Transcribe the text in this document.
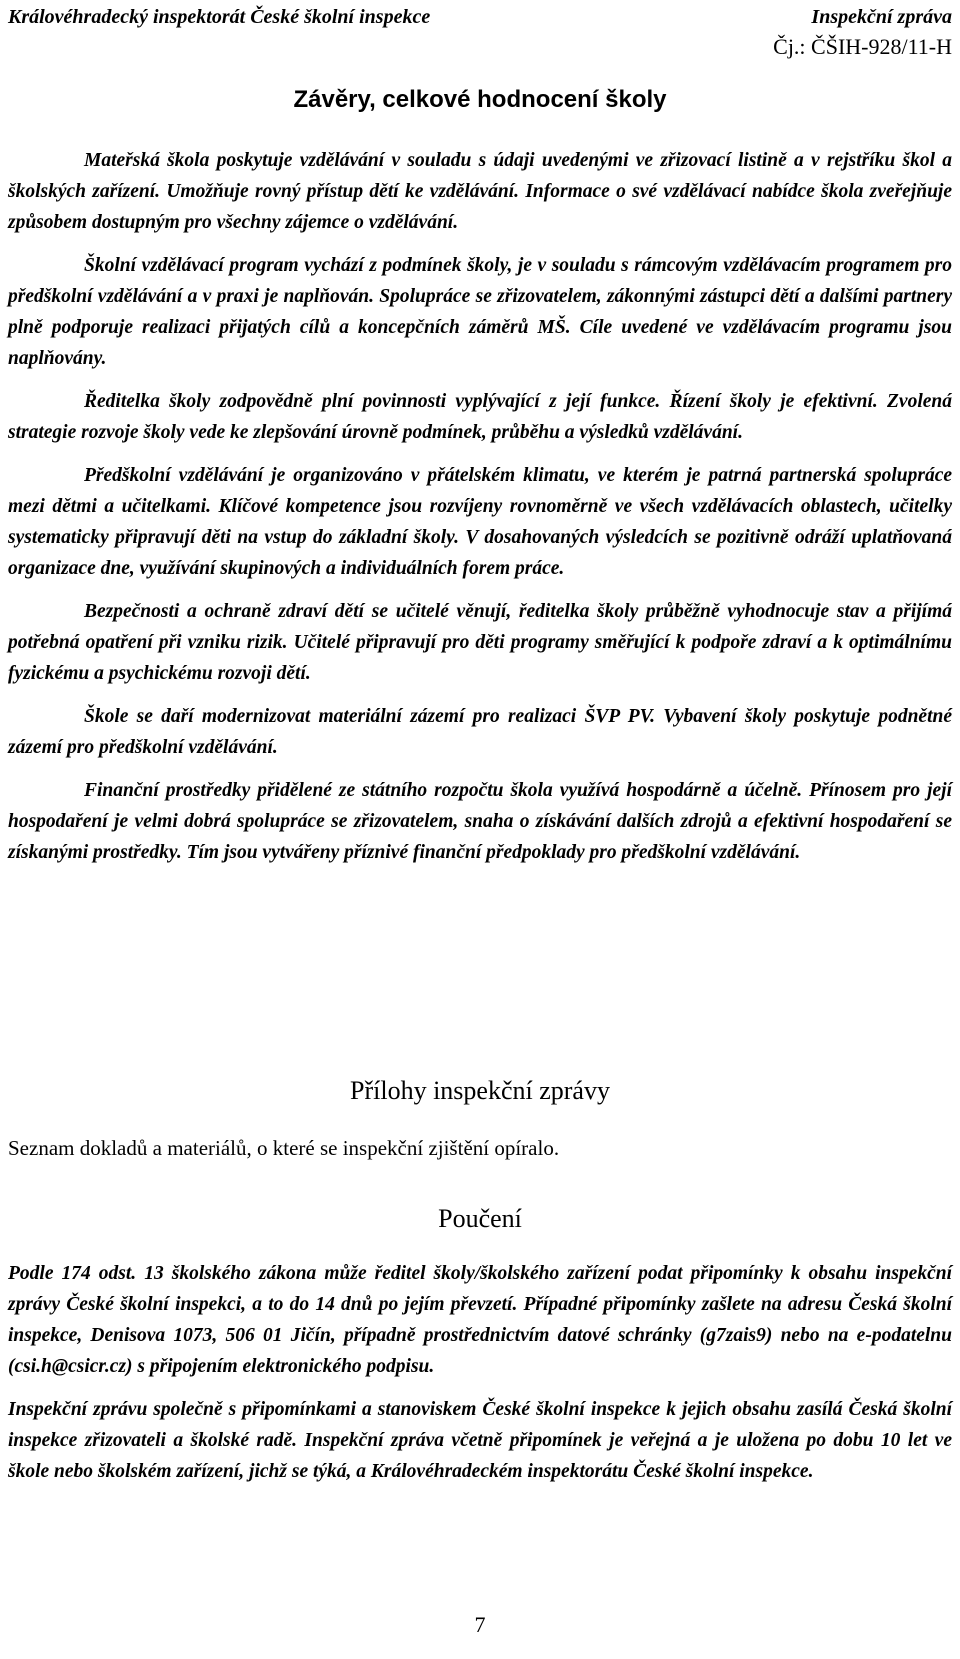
Královéhradecký inspektorát České školní inspekce	Inspekční zpráva
Čj.: ČŠIH-928/11-H
Závěry, celkové hodnocení školy

Mateřská škola poskytuje vzdělávání v souladu s údaji uvedenými ve zřizovací listině a v rejstříku škol a školských zařízení. Umožňuje rovný přístup dětí ke vzdělávání. Informace o své vzdělávací nabídce škola zveřejňuje způsobem dostupným pro všechny zájemce o vzdělávání.

Školní vzdělávací program vychází z podmínek školy, je v souladu s rámcovým vzdělávacím programem pro předškolní vzdělávání a v praxi je naplňován. Spolupráce se zřizovatelem, zákonnými zástupci dětí a dalšími partnery plně podporuje realizaci přijatých cílů a koncepčních záměrů MŠ. Cíle uvedené ve vzdělávacím programu jsou naplňovány.

Ředitelka školy zodpovědně plní povinnosti vyplývající z její funkce. Řízení školy je efektivní. Zvolená strategie rozvoje školy vede ke zlepšování úrovně podmínek, průběhu a výsledků vzdělávání.

Předškolní vzdělávání je organizováno v přátelském klimatu, ve kterém je patrná partnerská spolupráce mezi dětmi a učitelkami. Klíčové kompetence jsou rozvíjeny rovnoměrně ve všech vzdělávacích oblastech, učitelky systematicky připravují děti na vstup do základní školy. V dosahovaných výsledcích se pozitivně odráží uplatňovaná organizace dne, využívání skupinových a individuálních forem práce.

Bezpečnosti a ochraně zdraví dětí se učitelé věnují, ředitelka školy průběžně vyhodnocuje stav a přijímá potřebná opatření při vzniku rizik. Učitelé připravují pro děti programy směřující k podpoře zdraví a k optimálnímu fyzickému a psychickému rozvoji dětí.

Škole se daří modernizovat materiální zázemí pro realizaci ŠVP PV. Vybavení školy poskytuje podnětné zázemí pro předškolní vzdělávání.

Finanční prostředky přidělené ze státního rozpočtu škola využívá hospodárně a účelně. Přínosem pro její hospodaření je velmi dobrá spolupráce se zřizovatelem, snaha o získávání dalších zdrojů a efektivní hospodaření se získanými prostředky. Tím jsou vytvářeny příznivé finanční předpoklady pro předškolní vzdělávání.

Přílohy inspekční zprávy

Seznam dokladů a materiálů, o které se inspekční zjištění opíralo.

Poučení

Podle 174 odst. 13 školského zákona může ředitel školy/školského zařízení podat připomínky k obsahu inspekční zprávy České školní inspekci, a to do 14 dnů po jejím převzetí. Případné připomínky zašlete na adresu Česká školní inspekce, Denisova 1073, 506 01 Jičín, případně prostřednictvím datové schránky (g7zais9) nebo na e-podatelnu (csi.h@csicr.cz) s připojením elektronického podpisu.

Inspekční zprávu společně s připomínkami a stanoviskem České školní inspekce k jejich obsahu zasílá Česká školní inspekce zřizovateli a školské radě. Inspekční zpráva včetně připomínek je veřejná a je uložena po dobu 10 let ve škole nebo školském zařízení, jichž se týká, a Královéhradeckém inspektorátu České školní inspekce.

7
